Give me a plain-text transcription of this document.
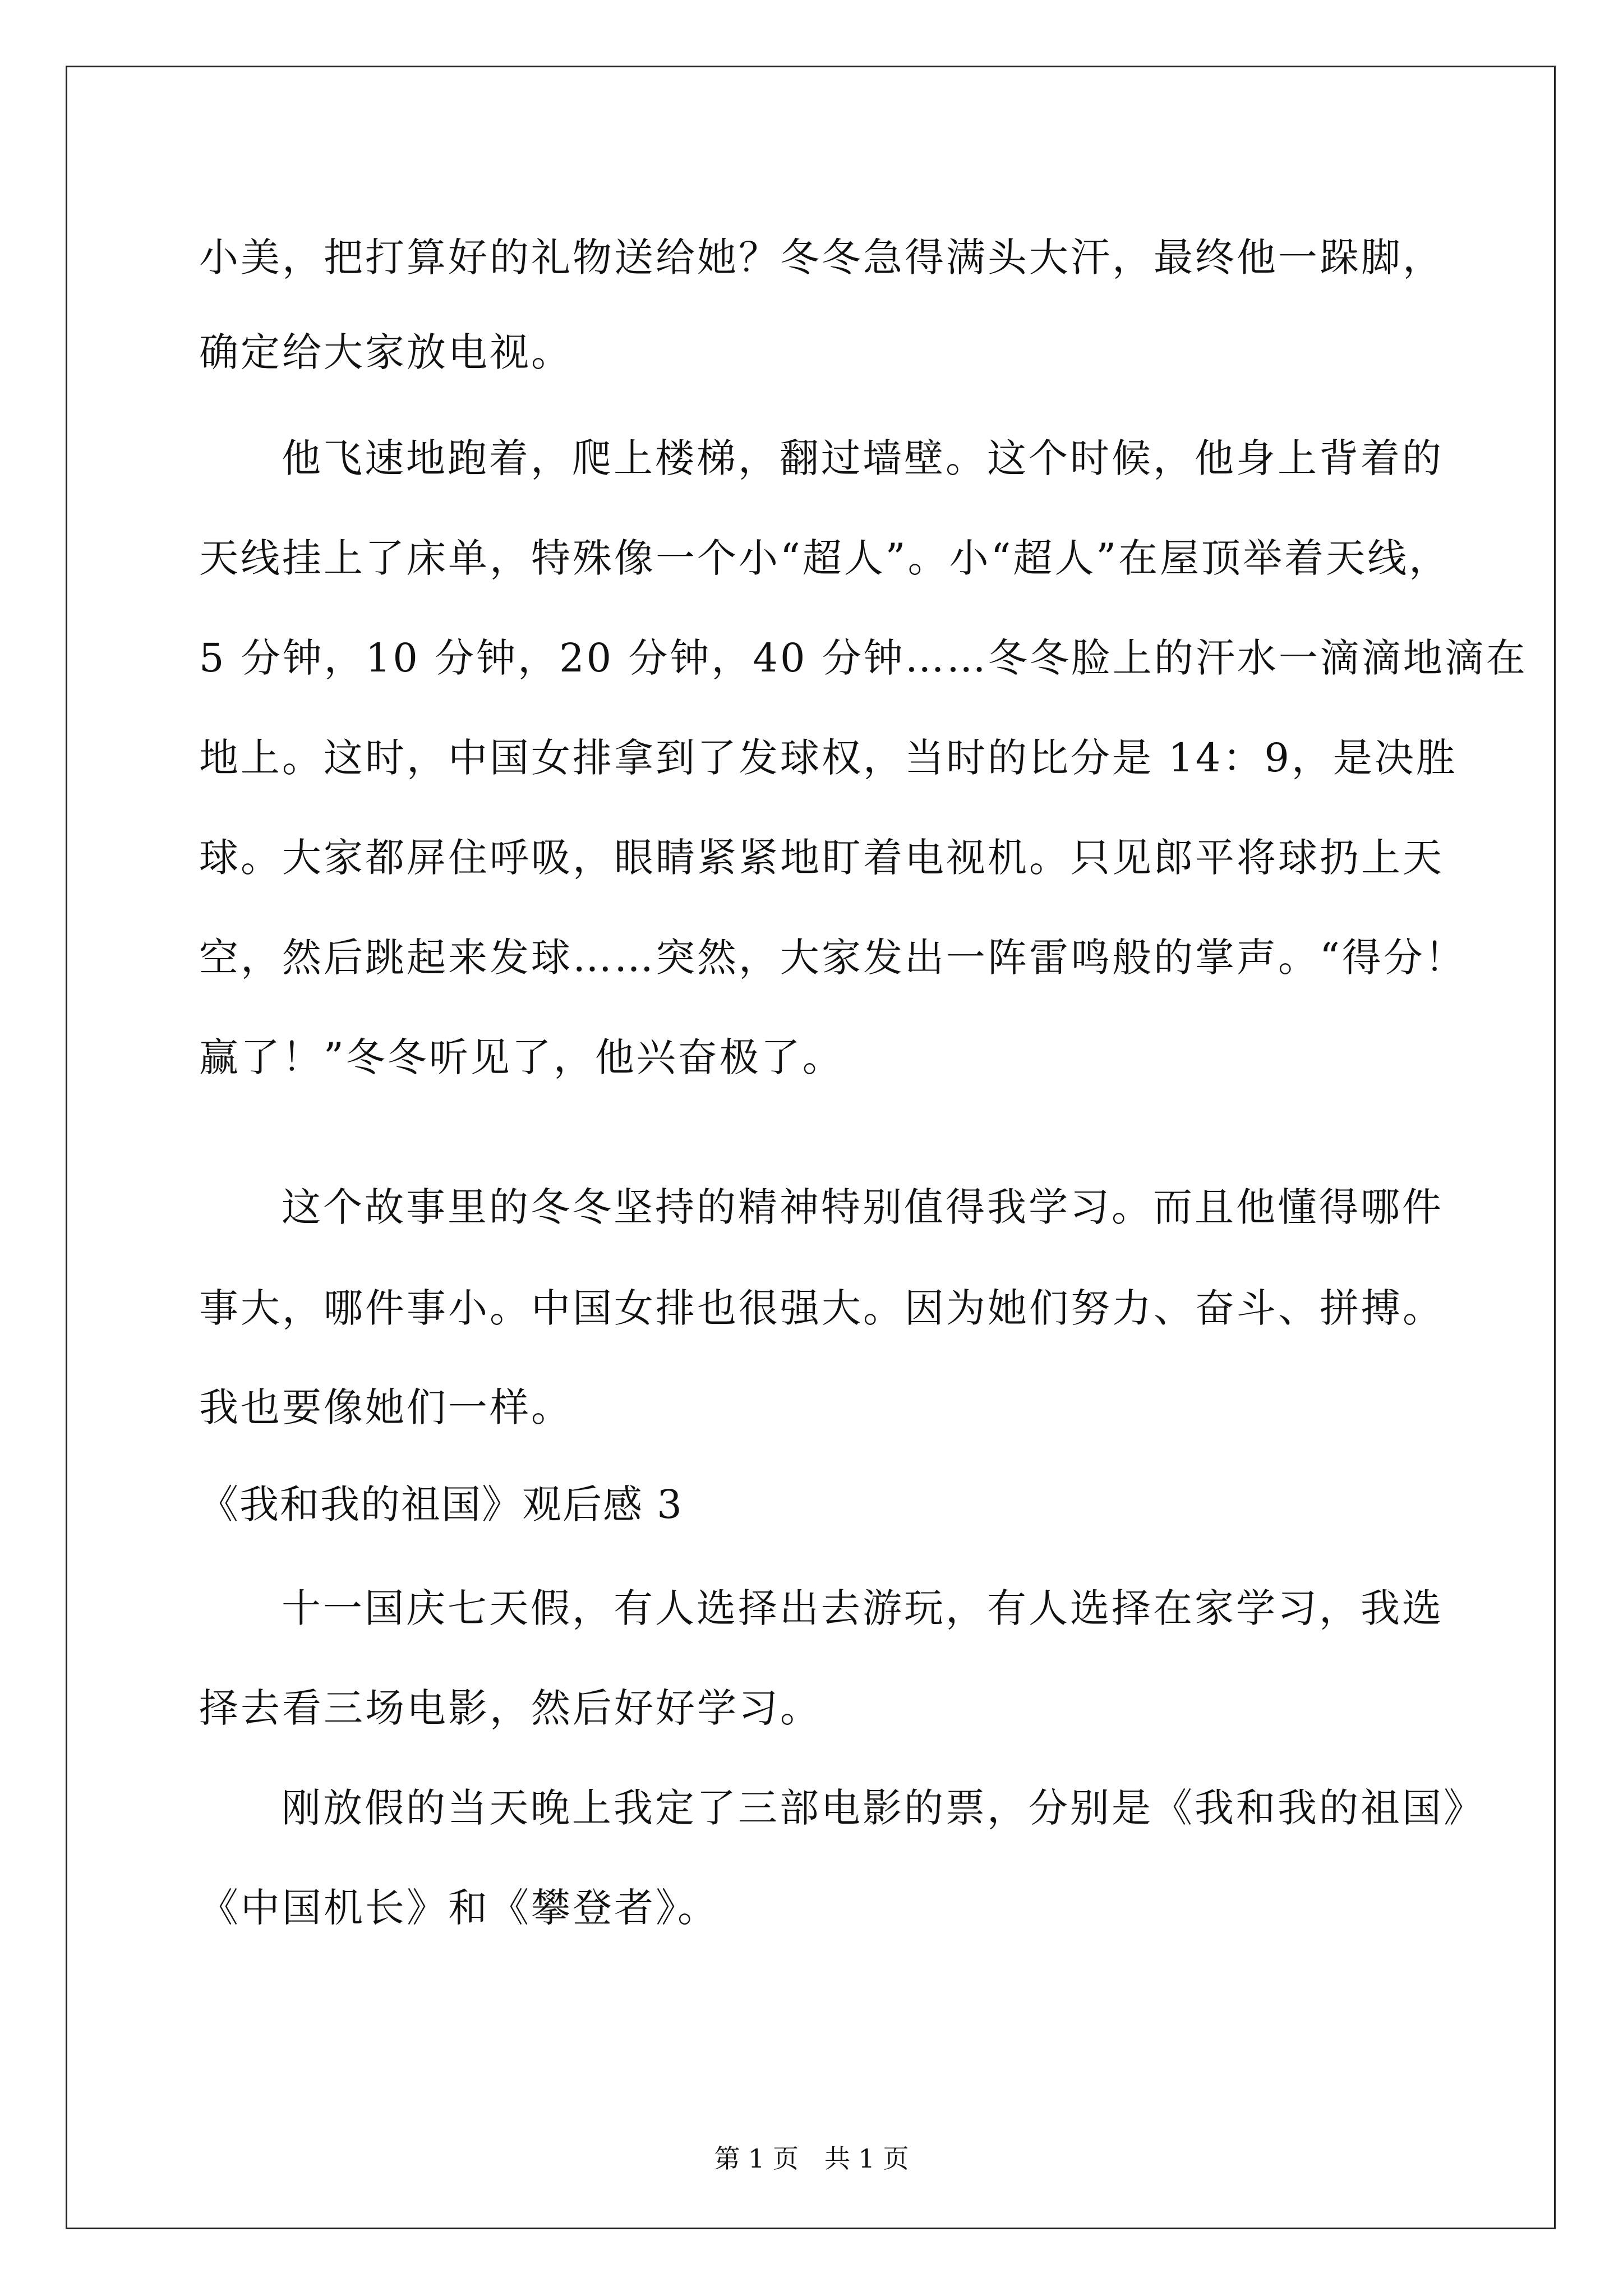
小美，把打算好的礼物送给她？冬冬急得满头大汗，最终他一跺脚，
确定给大家放电视。
他飞速地跑着，爬上楼梯，翻过墙壁。这个时候，他身上背着的
天线挂上了床单，特殊像一个小“超人”。小“超人”在屋顶举着天线，
5 分钟，10 分钟，20 分钟，40 分钟……冬冬脸上的汗水一滴滴地滴在
地上。这时，中国女排拿到了发球权，当时的比分是 14：9，是决胜
球。大家都屏住呼吸，眼睛紧紧地盯着电视机。只见郎平将球扔上天
空，然后跳起来发球……突然，大家发出一阵雷鸣般的掌声。“得分！
赢了！”冬冬听见了，他兴奋极了。
这个故事里的冬冬坚持的精神特别值得我学习。而且他懂得哪件
事大，哪件事小。中国女排也很强大。因为她们努力、奋斗、拼搏。
我也要像她们一样。
《我和我的祖国》观后感 3
十一国庆七天假，有人选择出去游玩，有人选择在家学习，我选
择去看三场电影，然后好好学习。
刚放假的当天晚上我定了三部电影的票，分别是《我和我的祖国》
《中国机长》和《攀登者》。
第 1 页　共 1 页
